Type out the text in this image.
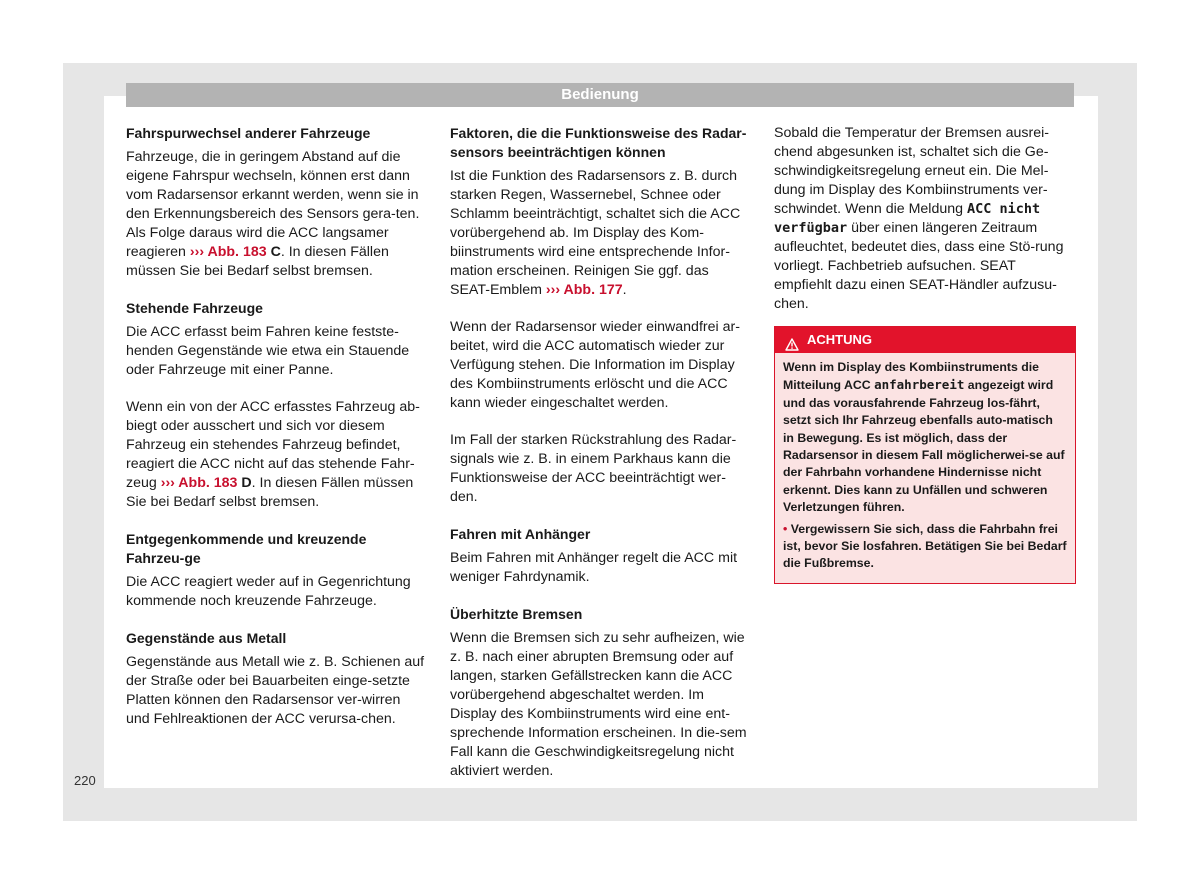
Bedienung
Fahrspurwechsel anderer Fahrzeuge
Fahrzeuge, die in geringem Abstand auf die eigene Fahrspur wechseln, können erst dann vom Radarsensor erkannt werden, wenn sie in den Erkennungsbereich des Sensors gera-ten. Als Folge daraus wird die ACC langsamer reagieren ››› Abb. 183 C. In diesen Fällen müssen Sie bei Bedarf selbst bremsen.
Stehende Fahrzeuge
Die ACC erfasst beim Fahren keine festste-henden Gegenstände wie etwa ein Stauende oder Fahrzeuge mit einer Panne.
Wenn ein von der ACC erfasstes Fahrzeug ab-biegt oder ausschert und sich vor diesem Fahrzeug ein stehendes Fahrzeug befindet, reagiert die ACC nicht auf das stehende Fahr-zeug ››› Abb. 183 D. In diesen Fällen müssen Sie bei Bedarf selbst bremsen.
Entgegenkommende und kreuzende Fahrzeu-ge
Die ACC reagiert weder auf in Gegenrichtung kommende noch kreuzende Fahrzeuge.
Gegenstände aus Metall
Gegenstände aus Metall wie z. B. Schienen auf der Straße oder bei Bauarbeiten einge-setzte Platten können den Radarsensor ver-wirren und Fehlreaktionen der ACC verursa-chen.
Faktoren, die die Funktionsweise des Radar-sensors beeinträchtigen können
Ist die Funktion des Radarsensors z. B. durch starken Regen, Wassernebel, Schnee oder Schlamm beeinträchtigt, schaltet sich die ACC vorübergehend ab. Im Display des Kom-biinstruments wird eine entsprechende Infor-mation erscheinen. Reinigen Sie ggf. das SEAT-Emblem ››› Abb. 177.
Wenn der Radarsensor wieder einwandfrei ar-beitet, wird die ACC automatisch wieder zur Verfügung stehen. Die Information im Display des Kombiinstruments erlöscht und die ACC kann wieder eingeschaltet werden.
Im Fall der starken Rückstrahlung des Radar-signals wie z. B. in einem Parkhaus kann die Funktionsweise der ACC beeinträchtigt wer-den.
Fahren mit Anhänger
Beim Fahren mit Anhänger regelt die ACC mit weniger Fahrdynamik.
Überhitzte Bremsen
Wenn die Bremsen sich zu sehr aufheizen, wie z. B. nach einer abrupten Bremsung oder auf langen, starken Gefällstrecken kann die ACC vorübergehend abgeschaltet werden. Im Display des Kombiinstruments wird eine ent-sprechende Information erscheinen. In die-sem Fall kann die Geschwindigkeitsregelung nicht aktiviert werden.
Sobald die Temperatur der Bremsen ausrei-chend abgesunken ist, schaltet sich die Ge-schwindigkeitsregelung erneut ein. Die Mel-dung im Display des Kombiinstruments ver-schwindet. Wenn die Meldung ACC nicht verfügbar über einen längeren Zeitraum aufleuchtet, bedeutet dies, dass eine Stö-rung vorliegt. Fachbetrieb aufsuchen. SEAT empfiehlt dazu einen SEAT-Händler aufzusu-chen.
ACHTUNG

Wenn im Display des Kombiinstruments die Mitteilung ACC anfahrbereit angezeigt wird und das vorausfahrende Fahrzeug los-fährt, setzt sich Ihr Fahrzeug ebenfalls auto-matisch in Bewegung. Es ist möglich, dass der Radarsensor in diesem Fall möglicherwei-se auf der Fahrbahn vorhandene Hindernisse nicht erkennt. Dies kann zu Unfällen und schweren Verletzungen führen.

• Vergewissern Sie sich, dass die Fahrbahn frei ist, bevor Sie losfahren. Betätigen Sie bei Bedarf die Fußbremse.

220
